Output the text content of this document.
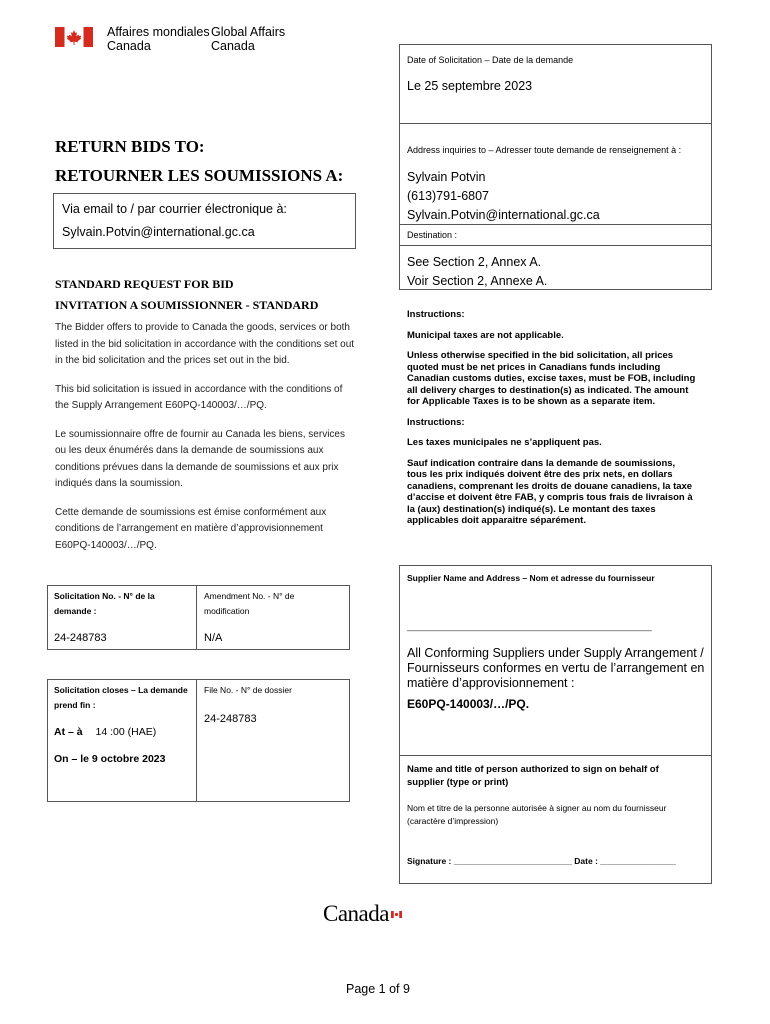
Affaires mondiales
Canada
Global Affairs
Canada
Date of Solicitation – Date de la demande
Le 25 septembre 2023
Address inquiries to – Adresser toute demande de renseignement à :
Sylvain Potvin
(613)791-6807
Sylvain.Potvin@international.gc.ca
Destination :
See Section 2, Annex A.
Voir Section 2, Annexe A.
RETURN BIDS TO:
RETOURNER LES SOUMISSIONS A:
Via email to / par courrier électronique à:
Sylvain.Potvin@international.gc.ca
STANDARD REQUEST FOR BID
INVITATION A SOUMISSIONNER - STANDARD

The Bidder offers to provide to Canada the goods, services or both listed in the bid solicitation in accordance with the conditions set out in the bid solicitation and the prices set out in the bid.

This bid solicitation is issued in accordance with the conditions of the Supply Arrangement E60PQ-140003/…/PQ.

Le soumissionnaire offre de fournir au Canada les biens, services ou les deux énumérés dans la demande de soumissions aux conditions prévues dans la demande de soumissions et aux prix indiqués dans la soumission.

Cette demande de soumissions est émise conformément aux conditions de l’arrangement en matière d’approvisionnement E60PQ-140003/…/PQ.

Instructions:
Municipal taxes are not applicable.
Unless otherwise specified in the bid solicitation, all prices quoted must be net prices in Canadians funds including Canadian customs duties, excise taxes, must be FOB, including all delivery charges to destination(s) as indicated. The amount for Applicable Taxes is to be shown as a separate item.
Instructions:
Les taxes municipales ne s’appliquent pas.
Sauf indication contraire dans la demande de soumissions, tous les prix indiqués doivent être des prix nets, en dollars canadiens, comprenant les droits de douane canadiens, la taxe d’accise et doivent être FAB, y compris tous frais de livraison à la (aux) destination(s) indiqué(s). Le montant des taxes applicables doit apparaitre séparément.
Solicitation No. - N° de la demande :
24-248783
Amendment No. - N° de modification
N/A
Solicitation closes – La demande prend fin :
At – à 14 :00 (HAE)
On – le 9 octobre 2023
File No. - N° de dossier
24-248783
Supplier Name and Address – Nom et adresse du fournisseur
____________________________________________
All Conforming Suppliers under Supply Arrangement / Fournisseurs conformes en vertu de l’arrangement en matière d’approvisionnement :
E60PQ-140003/…/PQ.
Name and title of person authorized to sign on behalf of supplier (type or print)
Nom et titre de la personne autorisée à signer au nom du fournisseur (caractère d’impression)
Signature : _________________________ Date : ________________
Canada
Page 1 of 9
